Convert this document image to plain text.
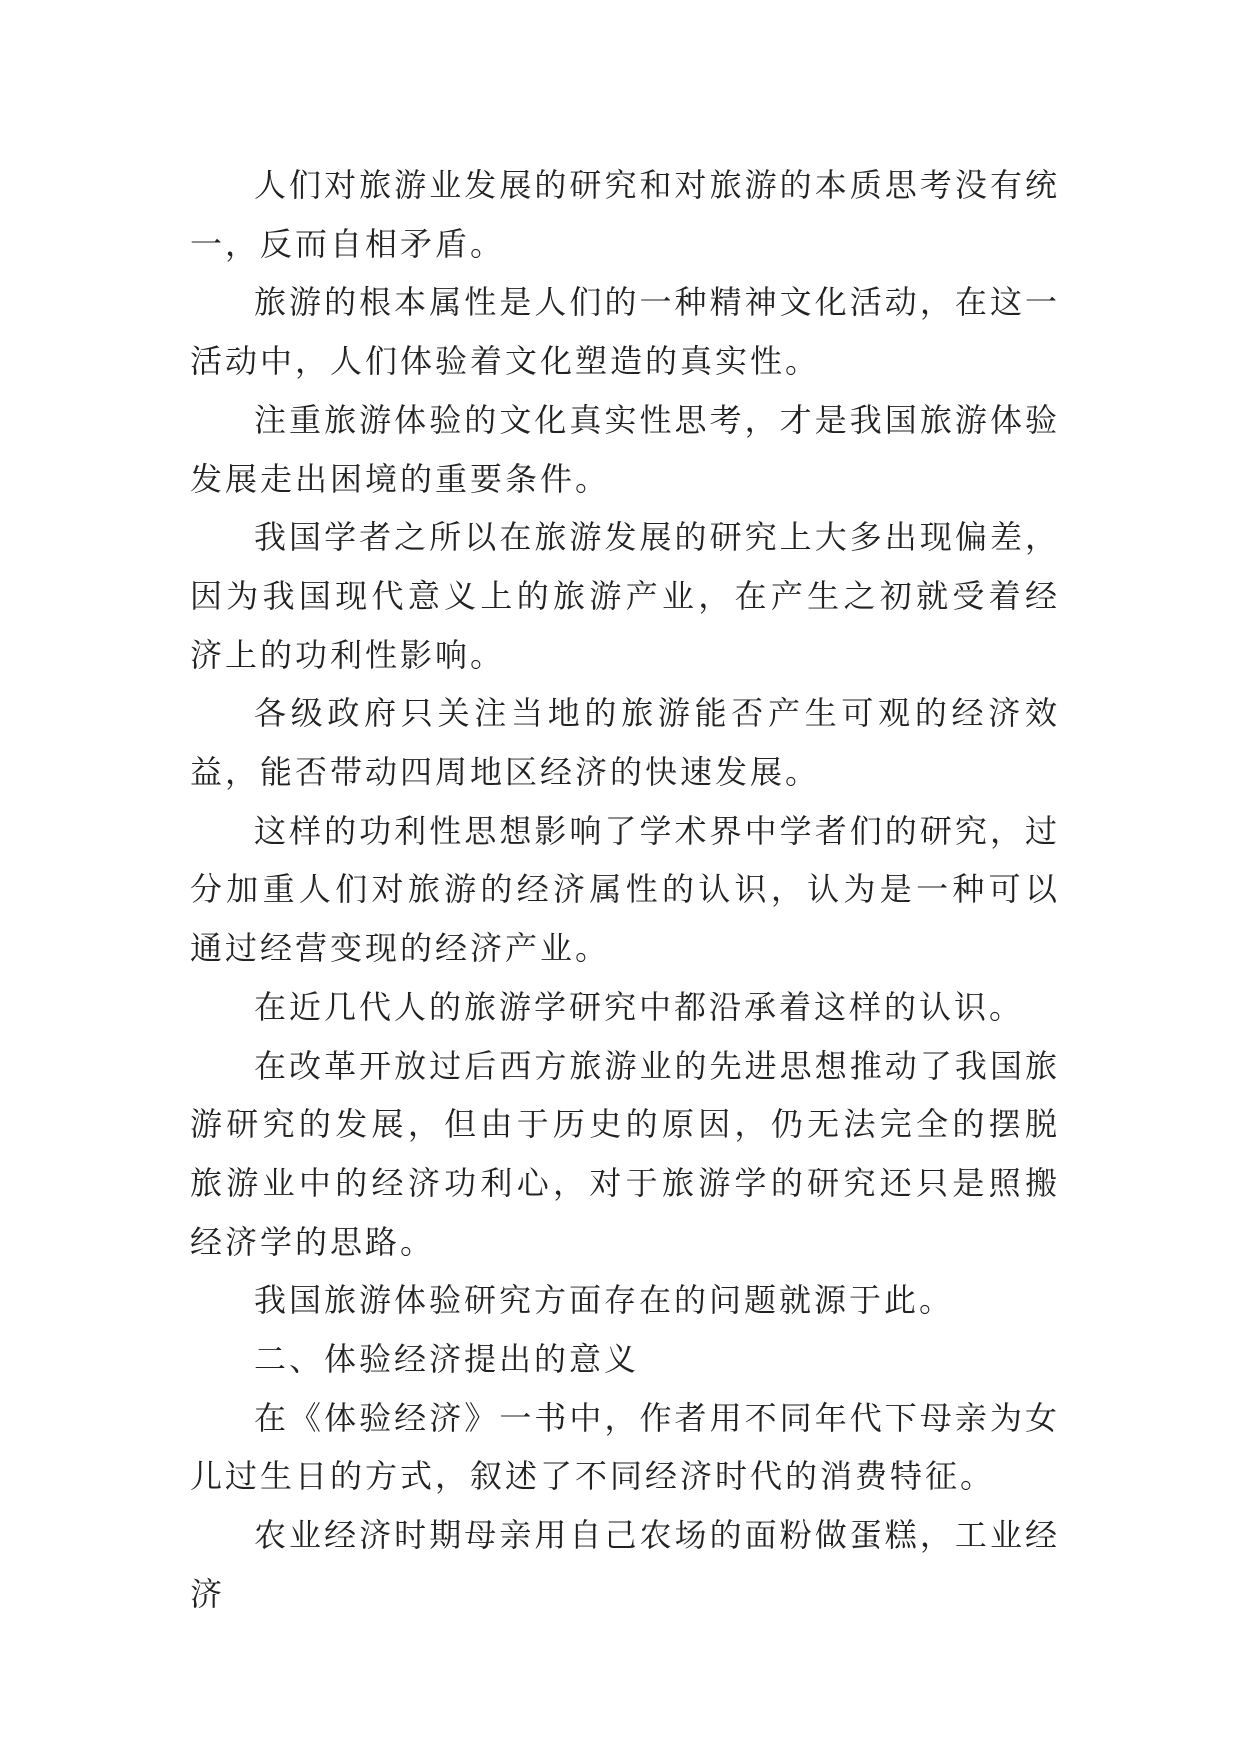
人们对旅游业发展的研究和对旅游的本质思考没有统一，反而自相矛盾。

旅游的根本属性是人们的一种精神文化活动，在这一活动中，人们体验着文化塑造的真实性。

注重旅游体验的文化真实性思考，才是我国旅游体验发展走出困境的重要条件。

我国学者之所以在旅游发展的研究上大多出现偏差，因为我国现代意义上的旅游产业，在产生之初就受着经济上的功利性影响。

各级政府只关注当地的旅游能否产生可观的经济效益，能否带动四周地区经济的快速发展。

这样的功利性思想影响了学术界中学者们的研究，过分加重人们对旅游的经济属性的认识，认为是一种可以通过经营变现的经济产业。

在近几代人的旅游学研究中都沿承着这样的认识。

在改革开放过后西方旅游业的先进思想推动了我国旅游研究的发展，但由于历史的原因，仍无法完全的摆脱旅游业中的经济功利心，对于旅游学的研究还只是照搬经济学的思路。

我国旅游体验研究方面存在的问题就源于此。

二、体验经济提出的意义

在《体验经济》一书中，作者用不同年代下母亲为女儿过生日的方式，叙述了不同经济时代的消费特征。

农业经济时期母亲用自己农场的面粉做蛋糕，工业经济
